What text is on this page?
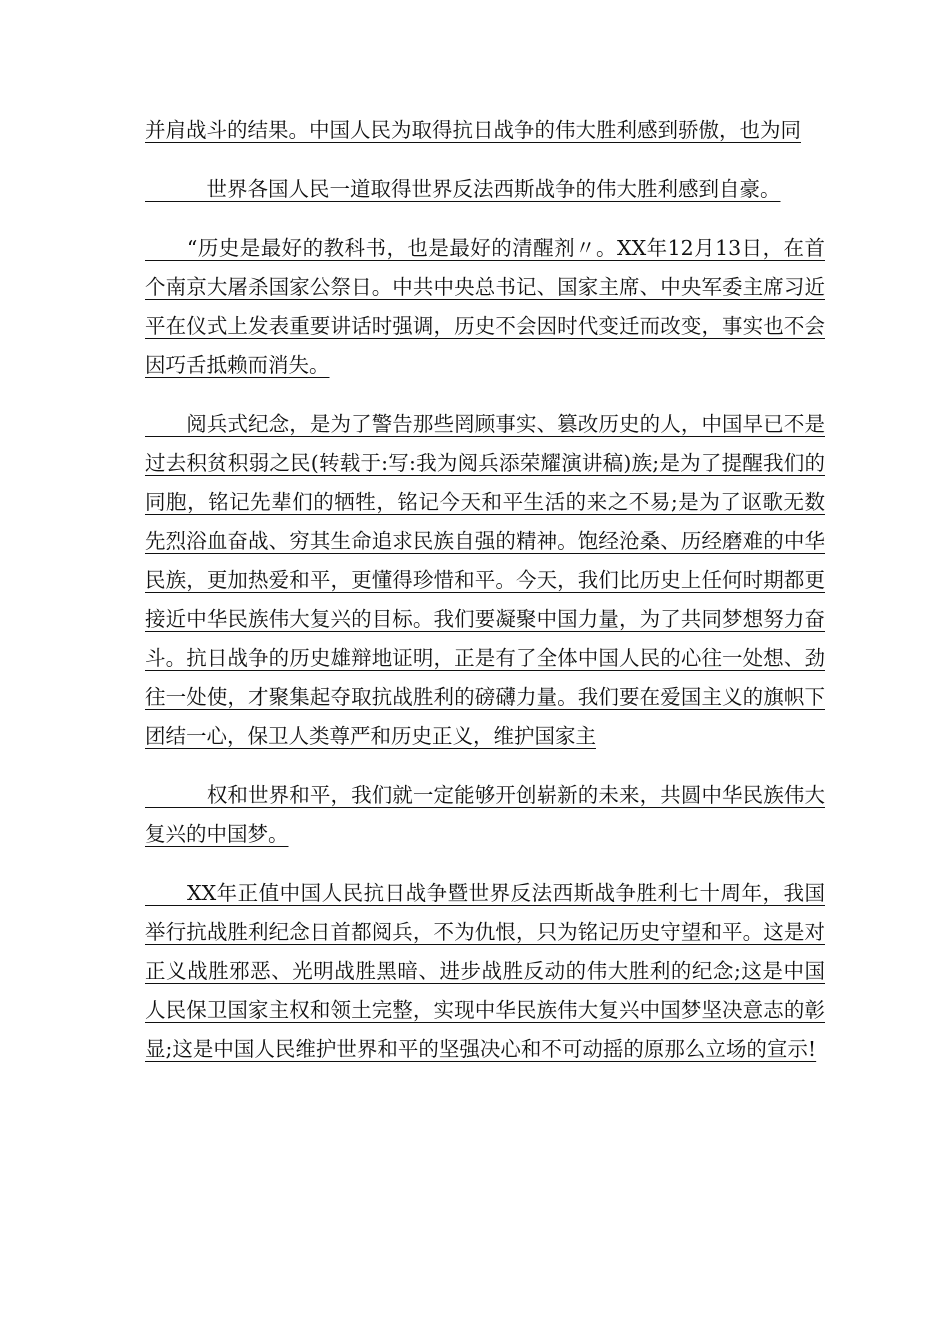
并肩战斗的结果。中国人民为取得抗日战争的伟大胜利感到骄傲，也为同

　　　世界各国人民一道取得世界反法西斯战争的伟大胜利感到自豪。

　　“历史是最好的教科书，也是最好的清醒剂〃。XX年12月13日，在首个南京大屠杀国家公祭日。中共中央总书记、国家主席、中央军委主席习近平在仪式上发表重要讲话时强调，历史不会因时代变迁而改变，事实也不会因巧舌抵赖而消失。

　　阅兵式纪念，是为了警告那些罔顾事实、篡改历史的人，中国早已不是过去积贫积弱之民(转载于:写:我为阅兵添荣耀演讲稿)族;是为了提醒我们的同胞，铭记先辈们的牺牲，铭记今天和平生活的来之不易;是为了讴歌无数先烈浴血奋战、穷其生命追求民族自强的精神。饱经沧桑、历经磨难的中华民族，更加热爱和平，更懂得珍惜和平。今天，我们比历史上任何时期都更接近中华民族伟大复兴的目标。我们要凝聚中国力量，为了共同梦想努力奋斗。抗日战争的历史雄辩地证明，正是有了全体中国人民的心往一处想、劲往一处使，才聚集起夺取抗战胜利的磅礴力量。我们要在爱国主义的旗帜下团结一心，保卫人类尊严和历史正义，维护国家主

　　　权和世界和平，我们就一定能够开创崭新的未来，共圆中华民族伟大复兴的中国梦。

　　XX年正值中国人民抗日战争暨世界反法西斯战争胜利七十周年，我国举行抗战胜利纪念日首都阅兵，不为仇恨，只为铭记历史守望和平。这是对正义战胜邪恶、光明战胜黑暗、进步战胜反动的伟大胜利的纪念;这是中国人民保卫国家主权和领土完整，实现中华民族伟大复兴中国梦坚决意志的彰显;这是中国人民维护世界和平的坚强决心和不可动摇的原那么立场的宣示!
